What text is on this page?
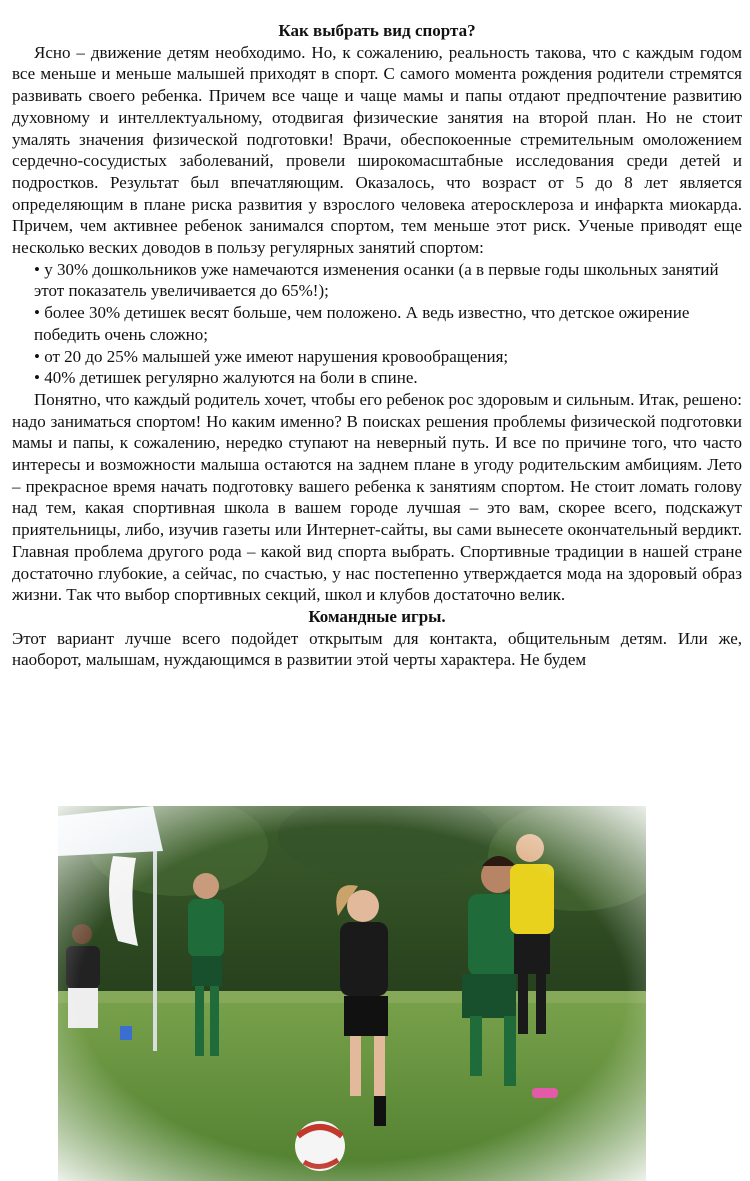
Как выбрать вид спорта?

Ясно – движение детям необходимо. Но, к сожалению, реальность такова, что с каждым годом все меньше и меньше малышей приходят в спорт. С самого момента рождения родители стремятся развивать своего ребенка. Причем все чаще и чаще мамы и папы отдают предпочтение развитию духовному и интеллектуальному, отодвигая физические занятия на второй план. Но не стоит умалять значения физической подготовки! Врачи, обеспокоенные стремительным омоложением сердечно-сосудистых заболеваний, провели широкомасштабные исследования среди детей и подростков. Результат был впечатляющим. Оказалось, что возраст от 5 до 8 лет является определяющим в плане риска развития у взрослого человека атеросклероза и инфаркта миокарда. Причем, чем активнее ребенок занимался спортом, тем меньше этот риск. Ученые приводят еще несколько веских доводов в пользу регулярных занятий спортом:

• у 30% дошкольников уже намечаются изменения осанки (а в первые годы школьных занятий

этот показатель увеличивается до 65%!);

• более 30% детишек весят больше, чем положено. А ведь известно, что детское ожирение

победить очень сложно;

• от 20 до 25% малышей уже имеют нарушения кровообращения;

• 40% детишек регулярно жалуются на боли в спине.

Понятно, что каждый родитель хочет, чтобы его ребенок рос здоровым и сильным. Итак, решено: надо заниматься спортом! Но каким именно? В поисках решения проблемы физической подготовки мамы и папы, к сожалению, нередко ступают на неверный путь. И все по причине того, что часто интересы и возможности малыша остаются на заднем плане в угоду родительским амбициям. Лето – прекрасное время начать подготовку вашего ребенка к занятиям спортом. Не стоит ломать голову над тем, какая спортивная школа в вашем городе лучшая – это вам, скорее всего, подскажут приятельницы, либо, изучив газеты или Интернет-сайты, вы сами вынесете окончательный вердикт. Главная проблема другого рода – какой вид спорта выбрать. Спортивные традиции в нашей стране достаточно глубокие, а сейчас, по счастью, у нас постепенно утверждается мода на здоровый образ жизни. Так что выбор спортивных секций, школ и клубов достаточно велик.

Командные игры.

Этот вариант лучше всего подойдет открытым для контакта, общительным детям. Или же, наоборот, малышам, нуждающимся в развитии этой черты характера. Не будем
